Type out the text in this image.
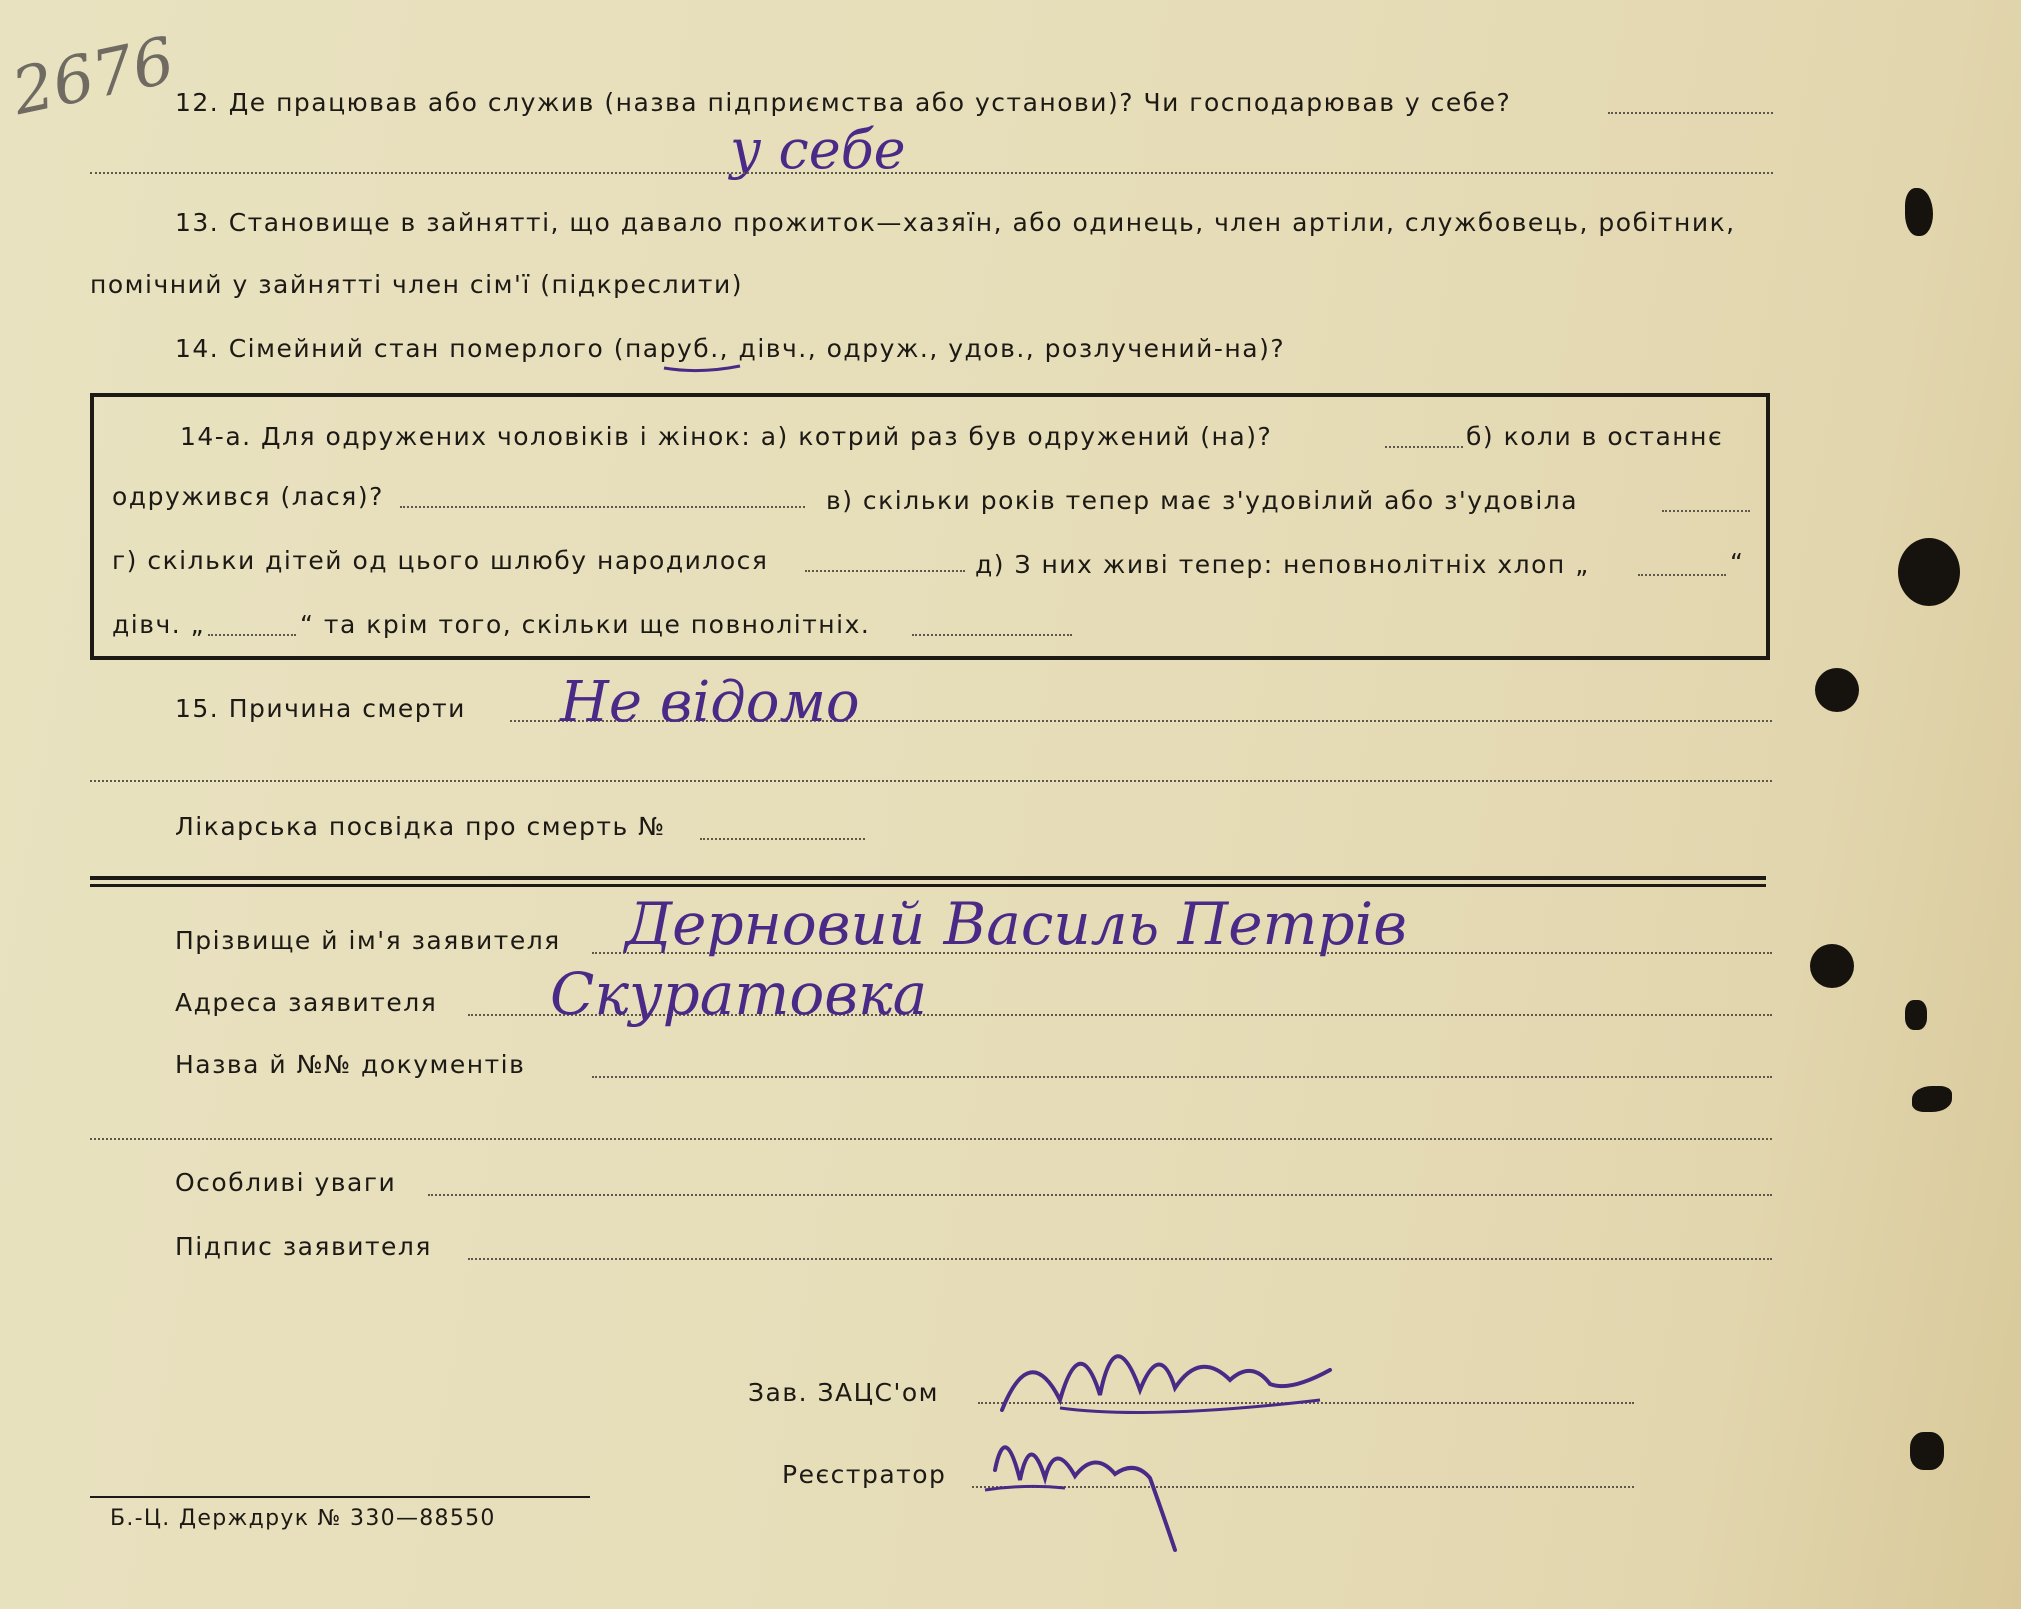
2676
12. Де працював або служив (назва підприємства або установи)? Чи господарював у себе?
у себе
13. Становище в зайнятті, що давало прожиток—хазяїн, або одинець, член артіли, службовець, робітник,
помічний у зайнятті член сім'ї (підкреслити)
14. Сімейний стан померлого (паруб., дівч., одруж., удов., розлучений-на)?
14-а. Для одружених чоловіків і жінок: а) котрий раз був одружений (на)?	б) коли в останнє
одружився (лася)?	в) скільки років тепер має з'удовілий або з'удовіла
г) скільки дітей од цього шлюбу народилося	д) З них живі тепер: неповнолітніх хлоп „	“
дівч. „	“ та крім того, скільки ще повнолітніх.
15. Причина смерти Не відомо
Лікарська посвідка про смерть №
Прізвище й ім'я заявителя Дерновий Василь Петрів
Адреса заявителя Скуратовка
Назва й №№ документів
Особливі уваги
Підпис заявителя
Зав. ЗАЦС'ом
Реєстратор
Б.-Ц. Держдрук № 330—88550
